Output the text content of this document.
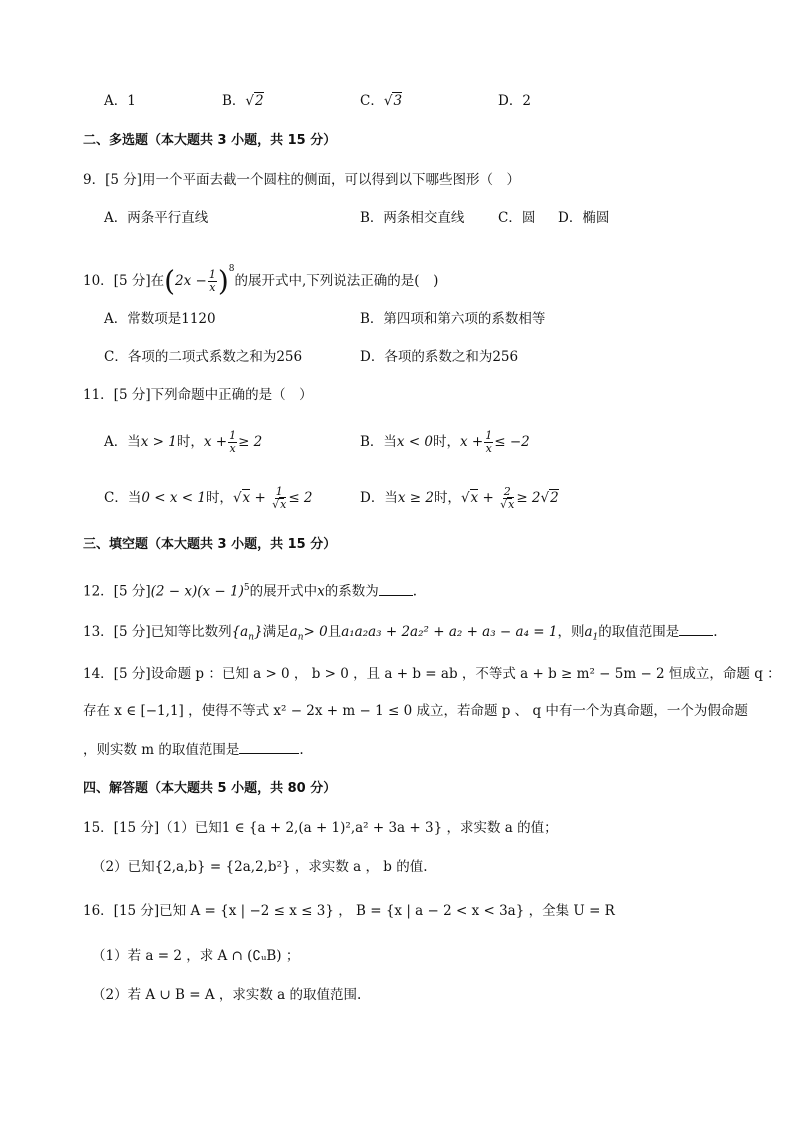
A．1	B．√2	C．√3	D．2
二、多选题（本大题共 3 小题，共 15 分）
9．[5 分]用一个平面去截一个圆柱的侧面，可以得到以下哪些图形（　）
A．两条平行直线	B．两条相交直线 C．圆 D．椭圆
10．[5 分]在$(2x - \frac{1}{x} )^8$的展开式中,下列说法正确的是(　)
A．常数项是1120	B．第四项和第六项的系数相等
C．各项的二项式系数之和为256	D．各项的系数之和为256
11．[5 分]下列命题中正确的是（　）
A．当x > 1时，$x + \frac{1}{x} \ge 2$	B．当x < 0时，$x + \frac{1}{x} \le -2$
C．当0 < x < 1时，$√x + \frac{1}{√x} \le 2$	D．当x ≥ 2时，$√x + \frac{2}{√x} \ge 2√2$
三、填空题（本大题共 3 小题，共 15 分）
12．[5 分]$(2 - x)(x - 1)^5$的展开式中x的系数为	.
13．[5 分]已知等比数列$\{a_n\}$满足$a_n> 0$且a₁a₂a₃ + 2a₂² + a₂ + a₃ − a₄ = 1，则$a_1$的取值范围是	.
14．[5 分]设命题 p ：已知 a > 0 ， b > 0 ，且 a + b = ab ，不等式 a + b ≥ m² − 5m − 2 恒成立，命题 q ：
存在 x ∈ [−1,1] ，使得不等式 x² − 2x + m − 1 ≤ 0 成立，若命题 p 、 q 中有一个为真命题，一个为假命题
，则实数 m 的取值范围是	.
四、解答题（本大题共 5 小题，共 80 分）
15．[15 分]（1）已知1 ∈ {a + 2,(a + 1)²,a² + 3a + 3} ，求实数 a 的值；
（2）已知{2,a,b} = {2a,2,b²} ，求实数 a ， b 的值.
16．[15 分]已知 A = {x | −2 ≤ x ≤ 3} ， B = {x | a − 2 < x < 3a} ，全集 U = R
（1）若 a = 2 ，求 A ∩ (∁ᵤB) ；
（2）若 A ∪ B = A ，求实数 a 的取值范围.
